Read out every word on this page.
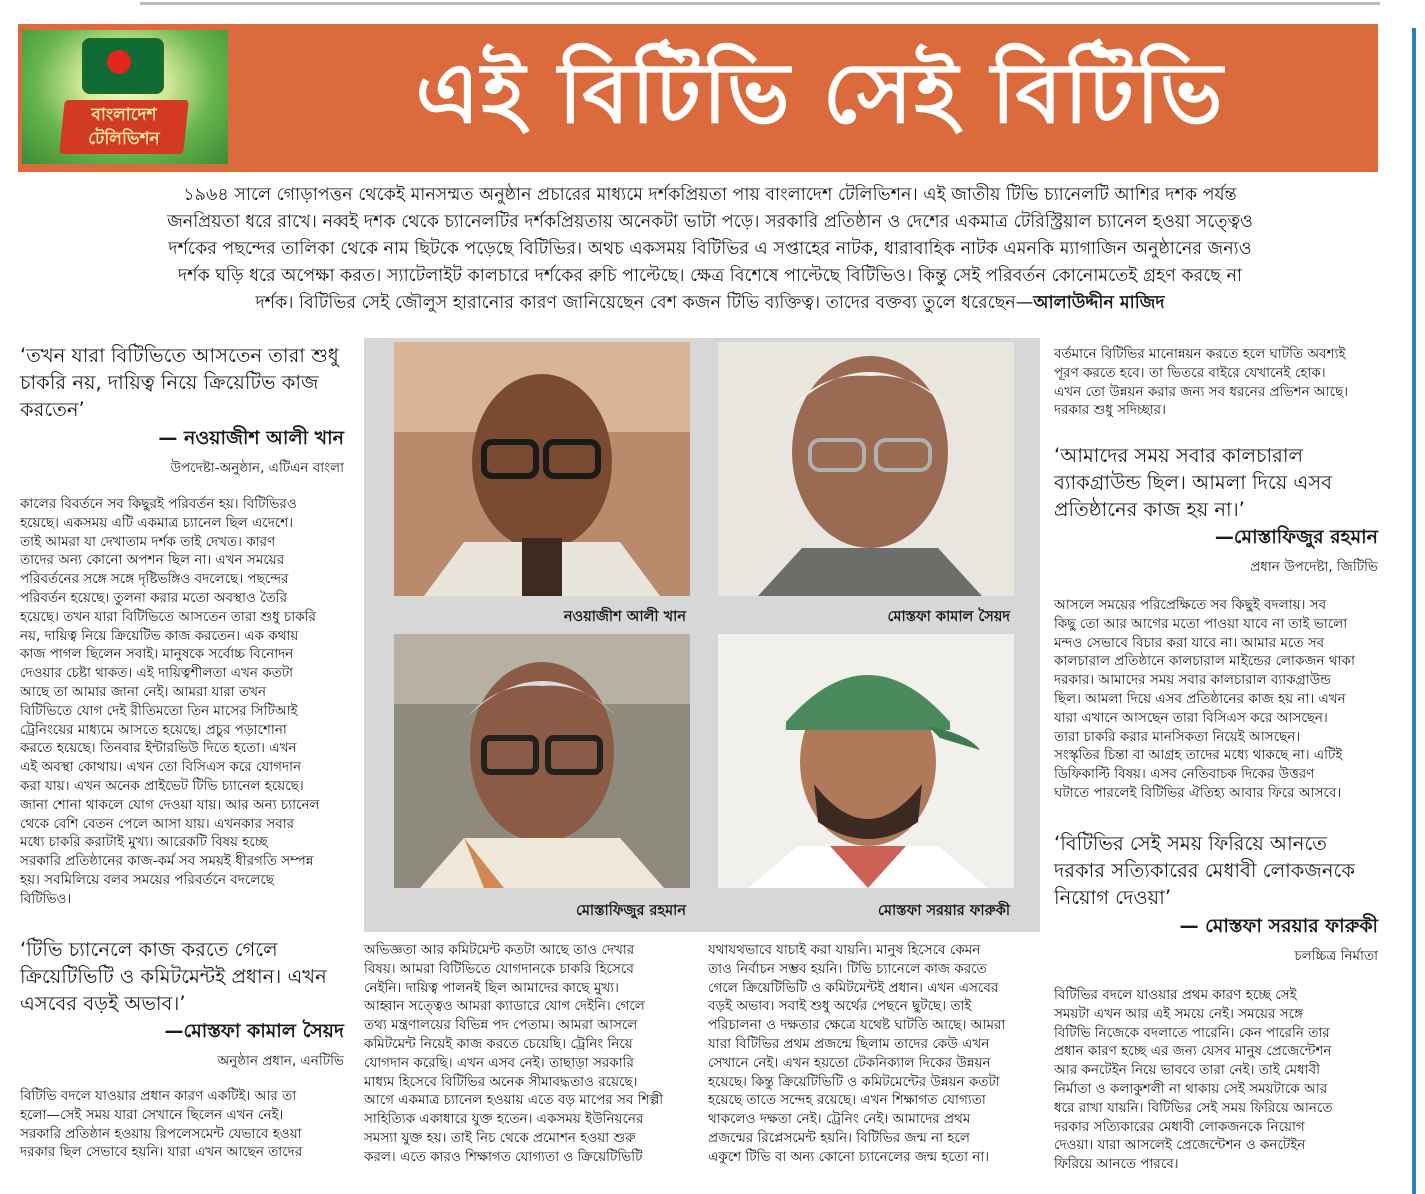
বাংলাদেশ
টেলিভিশন	এই বিটিভি সেই বিটিভি
১৯৬৪ সালে গোড়াপত্তন থেকেই মানসম্মত অনুষ্ঠান প্রচারের মাধ্যমে দর্শকপ্রিয়তা পায় বাংলাদেশ টেলিভিশন। এই জাতীয় টিভি চ্যানেলটি আশির দশক পর্যন্ত
জনপ্রিয়তা ধরে রাখে। নব্বই দশক থেকে চ্যানেলটির দর্শকপ্রিয়তায় অনেকটা ভাটা পড়ে। সরকারি প্রতিষ্ঠান ও দেশের একমাত্র টেরিস্ট্রিয়াল চ্যানেল হওয়া সত্ত্বেও
দর্শকের পছন্দের তালিকা থেকে নাম ছিটকে পড়েছে বিটিভির। অথচ একসময় বিটিভির এ সপ্তাহের নাটক, ধারাবাহিক নাটক এমনকি ম্যাগাজিন অনুষ্ঠানের জন্যও
দর্শক ঘড়ি ধরে অপেক্ষা করত। স্যাটেলাইট কালচারে দর্শকের রুচি পাল্টেছে। ক্ষেত্র বিশেষে পাল্টেছে বিটিভিও। কিন্তু সেই পরিবর্তন কোনোমতেই গ্রহণ করছে না
দর্শক। বিটিভির সেই জৌলুস হারানোর কারণ জানিয়েছেন বেশ কজন টিভি ব্যক্তিত্ব। তাদের বক্তব্য তুলে ধরেছেন—আলাউদ্দীন মাজিদ
‘তখন যারা বিটিভিতে আসতেন তারা শুধু
চাকরি নয়, দায়িত্ব নিয়ে ক্রিয়েটিভ কাজ
করতেন’
— নওয়াজীশ আলী খান
উপদেষ্টা-অনুষ্ঠান, এটিএন বাংলা
কালের বিবর্তনে সব কিছুরই পরিবর্তন হয়। বিটিভিরও
হয়েছে। একসময় এটি একমাত্র চ্যানেল ছিল এদেশে।
তাই আমরা যা দেখাতাম দর্শক তাই দেখত। কারণ
তাদের অন্য কোনো অপশন ছিল না। এখন সময়ের
পরিবর্তনের সঙ্গে সঙ্গে দৃষ্টিভঙ্গিও বদলেছে। পছন্দের
পরিবর্তন হয়েছে। তুলনা করার মতো অবস্থাও তৈরি
হয়েছে। তখন যারা বিটিভিতে আসতেন তারা শুধু চাকরি
নয়, দায়িত্ব নিয়ে ক্রিয়েটিভ কাজ করতেন। এক কথায়
কাজ পাগল ছিলেন সবাই। মানুষকে সর্বোচ্চ বিনোদন
দেওয়ার চেষ্টা থাকত। এই দায়িত্বশীলতা এখন কতটা
আছে তা আমার জানা নেই। আমরা যারা তখন
বিটিভিতে যোগ দেই রীতিমতো তিন মাসের সিটিআই
ট্রেনিংয়ের মাধ্যমে আসতে হয়েছে। প্রচুর পড়াশোনা
করতে হয়েছে। তিনবার ইন্টারভিউ দিতে হতো। এখন
এই অবস্থা কোথায়। এখন তো বিসিএস করে যোগদান
করা যায়। এখন অনেক প্রাইভেট টিভি চ্যানেল হয়েছে।
জানা শোনা থাকলে যোগ দেওয়া যায়। আর অন্য চ্যানেল
থেকে বেশি বেতন পেলে আসা যায়। এখনকার সবার
মধ্যে চাকরি করাটাই মুখ্য। আরেকটি বিষয় হচ্ছে
সরকারি প্রতিষ্ঠানের কাজ-কর্ম সব সময়ই ধীরগতি সম্পন্ন
হয়। সবমিলিয়ে বলব সময়ের পরিবর্তনে বদলেছে
বিটিভিও।
‘টিভি চ্যানেলে কাজ করতে গেলে
ক্রিয়েটিভিটি ও কমিটমেন্টই প্রধান। এখন
এসবের বড়ই অভাব।’
—মোস্তফা কামাল সৈয়দ
অনুষ্ঠান প্রধান, এনটিভি
বিটিভি বদলে যাওয়ার প্রধান কারণ একটিই। আর তা
হলো—সেই সময় যারা সেখানে ছিলেন এখন নেই।
সরকারি প্রতিষ্ঠান হওয়ায় রিপলেসমেন্ট যেভাবে হওয়া
দরকার ছিল সেভাবে হয়নি। যারা এখন আছেন তাদের
নওয়াজীশ আলী খান	মোস্তফা কামাল সৈয়দ
মোস্তাফিজুর রহমান	মোস্তফা সরয়ার ফারুকী
অভিজ্ঞতা আর কমিটমেন্ট কতটা আছে তাও দেখার
বিষয়। আমরা বিটিভিতে যোগদানকে চাকরি হিসেবে
নেইনি। দায়িত্ব পালনই ছিল আমাদের কাছে মুখ্য।
আহ্বান সত্ত্বেও আমরা ক্যাডারে যোগ দেইনি। গেলে
তথ্য মন্ত্রণালয়ের বিভিন্ন পদ পেতাম। আমরা আসলে
কমিটমেন্ট নিয়েই কাজ করতে চেয়েছি। ট্রেনিং নিয়ে
যোগদান করেছি। এখন এসব নেই। তাছাড়া সরকারি
মাধ্যম হিসেবে বিটিভির অনেক সীমাবদ্ধতাও রয়েছে।
আগে একমাত্র চ্যানেল হওয়ায় এতে বড় মাপের সব শিল্পী
সাহিত্যিক একাধারে যুক্ত হতেন। একসময় ইউনিয়নের
সমস্যা যুক্ত হয়। তাই নিচ থেকে প্রমোশন হওয়া শুরু
করল। এতে কারও শিক্ষাগত যোগ্যতা ও ক্রিয়েটিভিটি
যথাযথভাবে যাচাই করা যায়নি। মানুষ হিসেবে কেমন
তাও নির্বাচন সম্ভব হয়নি। টিভি চ্যানেলে কাজ করতে
গেলে ক্রিয়েটিভিটি ও কমিটমেন্টই প্রধান। এখন এসবের
বড়ই অভাব। সবাই শুধু অর্থের পেছনে ছুটছে। তাই
পরিচালনা ও দক্ষতার ক্ষেত্রে যথেষ্ট ঘাটতি আছে। আমরা
যারা বিটিভির প্রথম প্রজন্মে ছিলাম তাদের কেউ এখন
সেখানে নেই। এখন হয়তো টেকনিক্যাল দিকের উন্নয়ন
হয়েছে। কিন্তু ক্রিয়েটিভিটি ও কমিটমেন্টের উন্নয়ন কতটা
হয়েছে তাতে সন্দেহ রয়েছে। এখন শিক্ষাগত যোগ্যতা
থাকলেও দক্ষতা নেই। ট্রেনিং নেই। আমাদের প্রথম
প্রজন্মের রিপ্লেসমেন্ট হয়নি। বিটিভির জন্ম না হলে
একুশে টিভি বা অন্য কোনো চ্যানেলের জন্ম হতো না।
বর্তমানে বিটিভির মানোন্নয়ন করতে হলে ঘাটতি অবশ্যই
পূরণ করতে হবে। তা ভিতরে বাইরে যেখানেই হোক।
এখন তো উন্নয়ন করার জন্য সব ধরনের প্রভিশন আছে।
দরকার শুধু সদিচ্ছার।
‘আমাদের সময় সবার কালচারাল
ব্যাকগ্রাউন্ড ছিল। আমলা দিয়ে এসব
প্রতিষ্ঠানের কাজ হয় না।’
—মোস্তাফিজুর রহমান
প্রধান উপদেষ্টা, জিটিভি
আসলে সময়ের পরিপ্রেক্ষিতে সব কিছুই বদলায়। সব
কিছু তো আর আগের মতো পাওয়া যাবে না তাই ভালো
মন্দও সেভাবে বিচার করা যাবে না। আমার মতে সব
কালচারাল প্রতিষ্ঠানে কালচারাল মাইন্ডের লোকজন থাকা
দরকার। আমাদের সময় সবার কালচারাল ব্যাকগ্রাউন্ড
ছিল। আমলা দিয়ে এসব প্রতিষ্ঠানের কাজ হয় না। এখন
যারা এখানে আসছেন তারা বিসিএস করে আসছেন।
তারা চাকরি করার মানসিকতা নিয়েই আসছেন।
সংস্কৃতির চিন্তা বা আগ্রহ তাদের মধ্যে থাকছে না। এটিই
ডিফিকাল্টি বিষয়। এসব নেতিবাচক দিকের উত্তরণ
ঘটাতে পারলেই বিটিভির ঐতিহ্য আবার ফিরে আসবে।
‘বিটিভির সেই সময় ফিরিয়ে আনতে
দরকার সত্যিকারের মেধাবী লোকজনকে
নিয়োগ দেওয়া’
— মোস্তফা সরয়ার ফারুকী
চলচ্চিত্র নির্মাতা
বিটিভির বদলে যাওয়ার প্রথম কারণ হচ্ছে সেই
সময়টা এখন আর এই সময়ে নেই। সময়ের সঙ্গে
বিটিভি নিজেকে বদলাতে পারেনি। কেন পারেনি তার
প্রধান কারণ হচ্ছে এর জন্য যেসব মানুষ প্রেজেন্টেশন
আর কনটেইন নিয়ে ভাববে তারা নেই। তাই মেধাবী
নির্মাতা ও কলাকুশলী না থাকায় সেই সময়টাকে আর
ধরে রাখা যায়নি। বিটিভির সেই সময় ফিরিয়ে আনতে
দরকার সত্যিকারের মেধাবী লোকজনকে নিয়োগ
দেওয়া। যারা আসলেই প্রেজেন্টেশন ও কনটেইন
ফিরিয়ে আনতে পারবে।
